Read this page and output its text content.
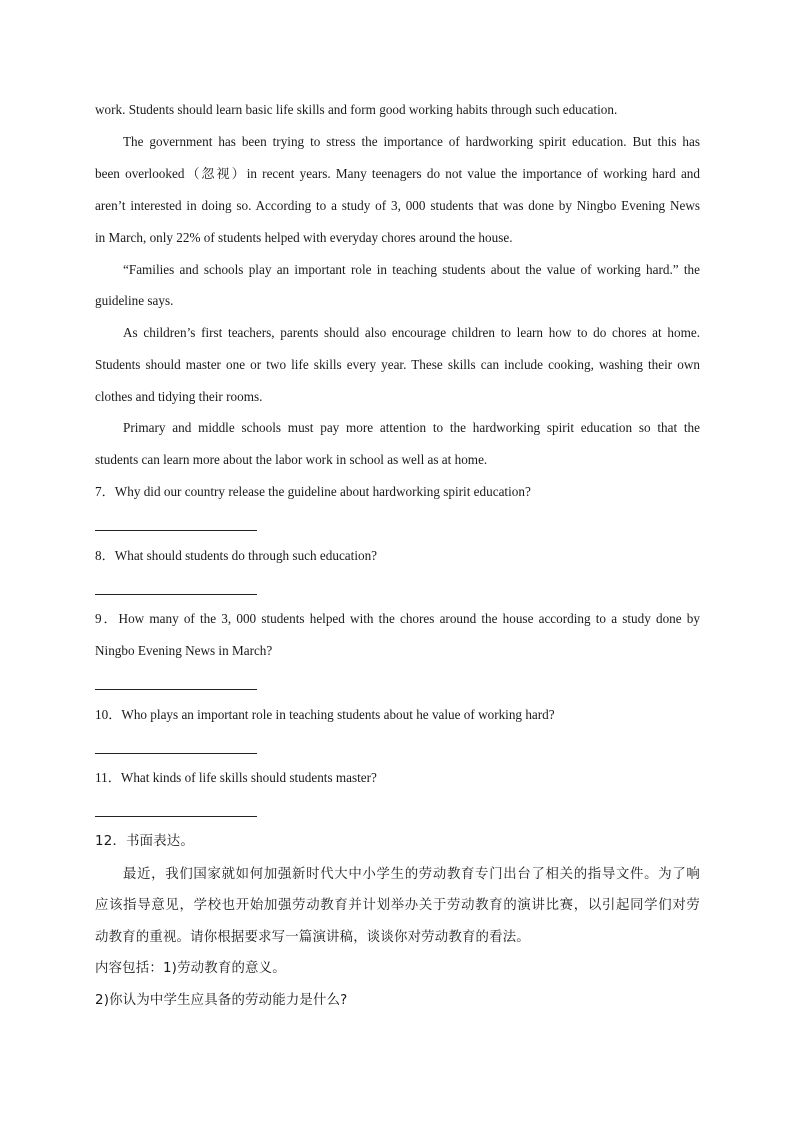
work. Students should learn basic life skills and form good working habits through such education.
The government has been trying to stress the importance of hardworking spirit education. But this has
been overlooked（忽视）in recent years. Many teenagers do not value the importance of working hard and
aren’t interested in doing so. According to a study of 3, 000 students that was done by Ningbo Evening News
in March, only 22% of students helped with everyday chores around the house.
“Families and schools play an important role in teaching students about the value of working hard.” the
guideline says.
As children’s first teachers, parents should also encourage children to learn how to do chores at home.
Students should master one or two life skills every year. These skills can include cooking, washing their own
clothes and tidying their rooms.
Primary and middle schools must pay more attention to the hardworking spirit education so that the
students can learn more about the labor work in school as well as at home.
7．Why did our country release the guideline about hardworking spirit education?
8．What should students do through such education?
9．How many of the 3, 000 students helped with the chores around the house according to a study done by
Ningbo Evening News in March?
10．Who plays an important role in teaching students about he value of working hard?
11．What kinds of life skills should students master?
12．书面表达。
最近，我们国家就如何加强新时代大中小学生的劳动教育专门出台了相关的指导文件。为了响
应该指导意见，学校也开始加强劳动教育并计划举办关于劳动教育的演讲比赛，以引起同学们对劳
动教育的重视。请你根据要求写一篇演讲稿，谈谈你对劳动教育的看法。
内容包括：1)劳动教育的意义。
2)你认为中学生应具备的劳动能力是什么?
